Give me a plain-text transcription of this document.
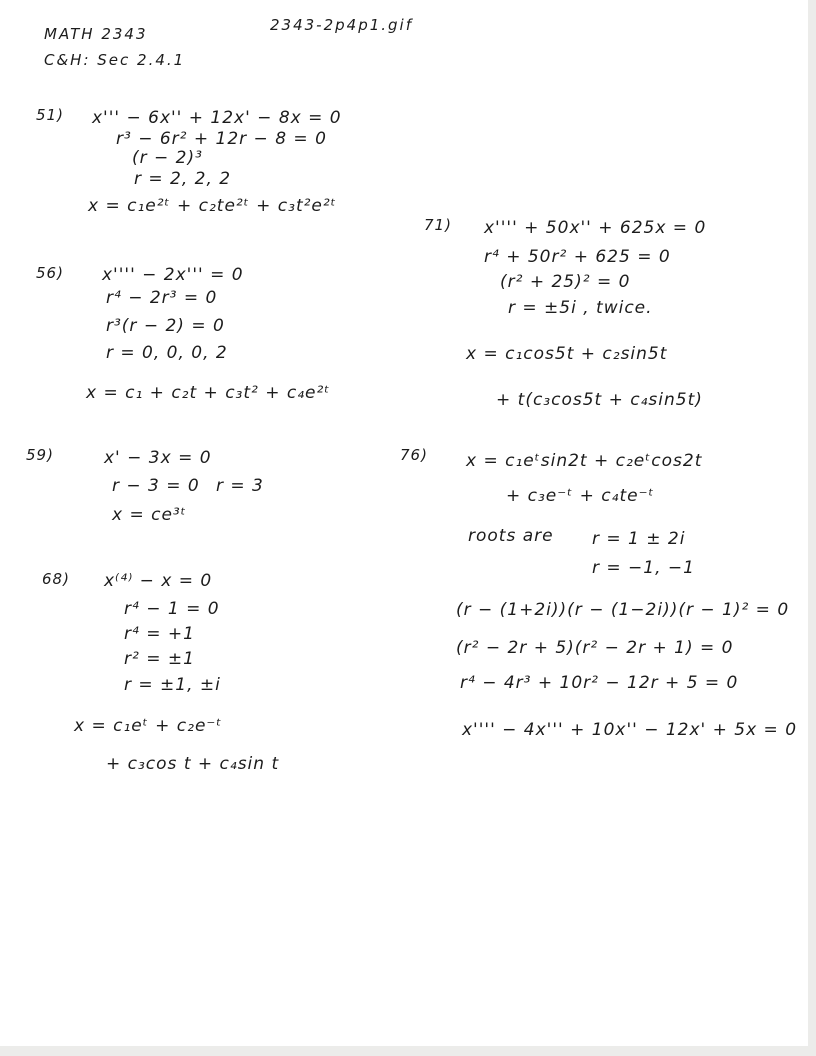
MATH 2343
C&H: Sec 2.4.1
2343-2p4p1.gif
51) x''' − 6x'' + 12x' − 8x = 0
r³ − 6r² + 12r − 8 = 0
(r − 2)³
r = 2, 2, 2
x = c₁e²ᵗ + c₂te²ᵗ + c₃t²e²ᵗ
56) x'''' − 2x''' = 0
r⁴ − 2r³ = 0
r³(r − 2) = 0
r = 0, 0, 0, 2
x = c₁ + c₂t + c₃t² + c₄e²ᵗ
59)	x' − 3x = 0
r − 3 = 0 r = 3
x = ce³ᵗ
68) x⁽⁴⁾ − x = 0
r⁴ − 1 = 0
r⁴ = +1
r² = ±1
r = ±1, ±i
x = c₁eᵗ + c₂e⁻ᵗ
+ c₃cos t + c₄sin t
71) x'''' + 50x'' + 625x = 0
r⁴ + 50r² + 625 = 0
(r² + 25)² = 0
r = ±5i , twice.
x = c₁cos5t + c₂sin5t
+ t(c₃cos5t + c₄sin5t)
76) x = c₁eᵗsin2t + c₂eᵗcos2t
+ c₃e⁻ᵗ + c₄te⁻ᵗ
roots are r = 1 ± 2i
r = −1, −1
(r − (1+2i))(r − (1−2i))(r − 1)² = 0
(r² − 2r + 5)(r² − 2r + 1) = 0
r⁴ − 4r³ + 10r² − 12r + 5 = 0
x'''' − 4x''' + 10x'' − 12x' + 5x = 0
